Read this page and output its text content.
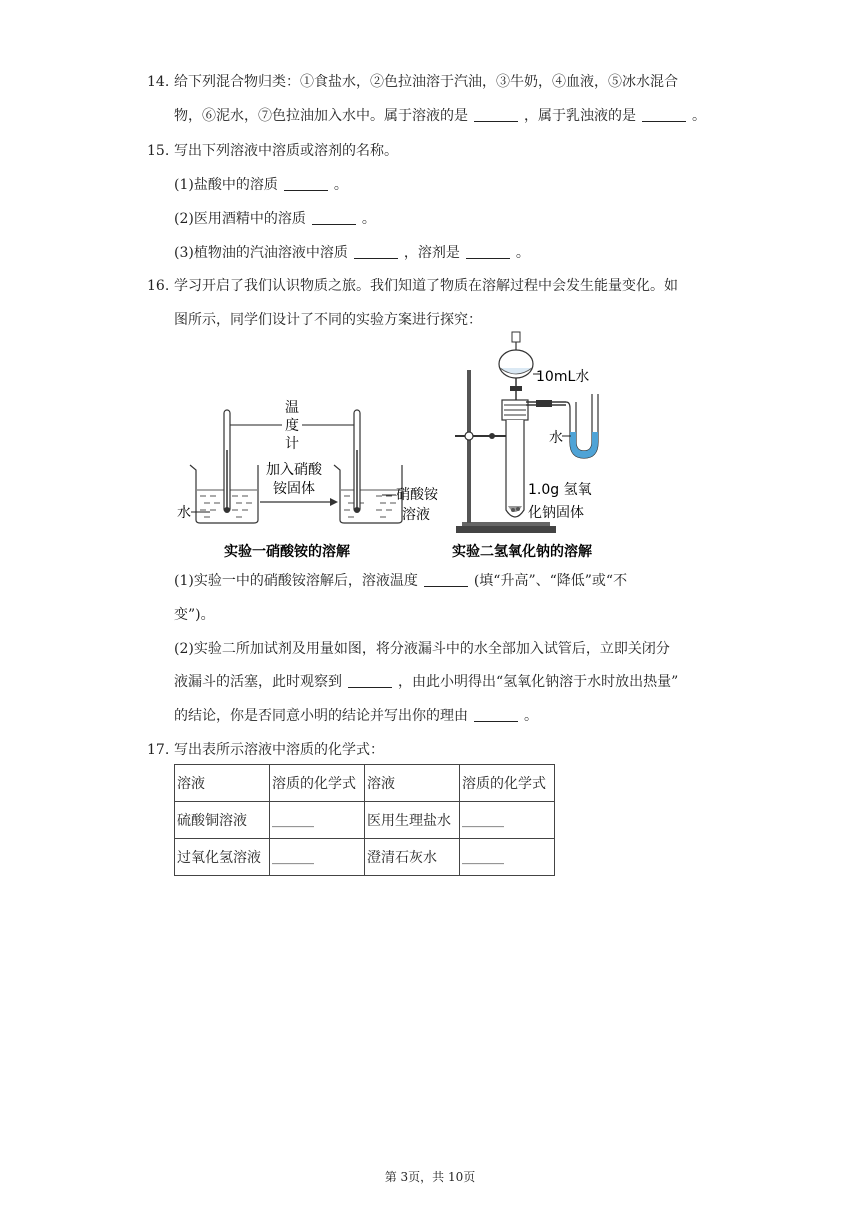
14. 给下列混合物归类：①食盐水，②色拉油溶于汽油，③牛奶，④血液，⑤冰水混合
物，⑥泥水，⑦色拉油加入水中。属于溶液的是	，属于乳浊液的是	。
15. 写出下列溶液中溶质或溶剂的名称。
(1)盐酸中的溶质	。
(2)医用酒精中的溶质	。
(3)植物油的汽油溶液中溶质	，溶剂是	。
16. 学习开启了我们认识物质之旅。我们知道了物质在溶解过程中会发生能量变化。如
图所示，同学们设计了不同的实验方案进行探究：
温
度
计
水
加入硝酸
铵固体	硝酸铵
溶液
实验一硝酸铵的溶解
10mL水
水
1.0g 氢氧
化钠固体
实验二氢氧化钠的溶解
(1)实验一中的硝酸铵溶解后，溶液温度	(填“升高”、“降低”或“不
变”)。
(2)实验二所加试剂及用量如图，将分液漏斗中的水全部加入试管后，立即关闭分
液漏斗的活塞，此时观察到	，由此小明得出“氢氧化钠溶于水时放出热量”
的结论，你是否同意小明的结论并写出你的理由	。
17. 写出表所示溶液中溶质的化学式：
溶液	溶质的化学式	溶液	溶质的化学式
硫酸铜溶液	______	医用生理盐水	______
过氧化氢溶液	______	澄清石灰水	______
第 3页，共 10页
